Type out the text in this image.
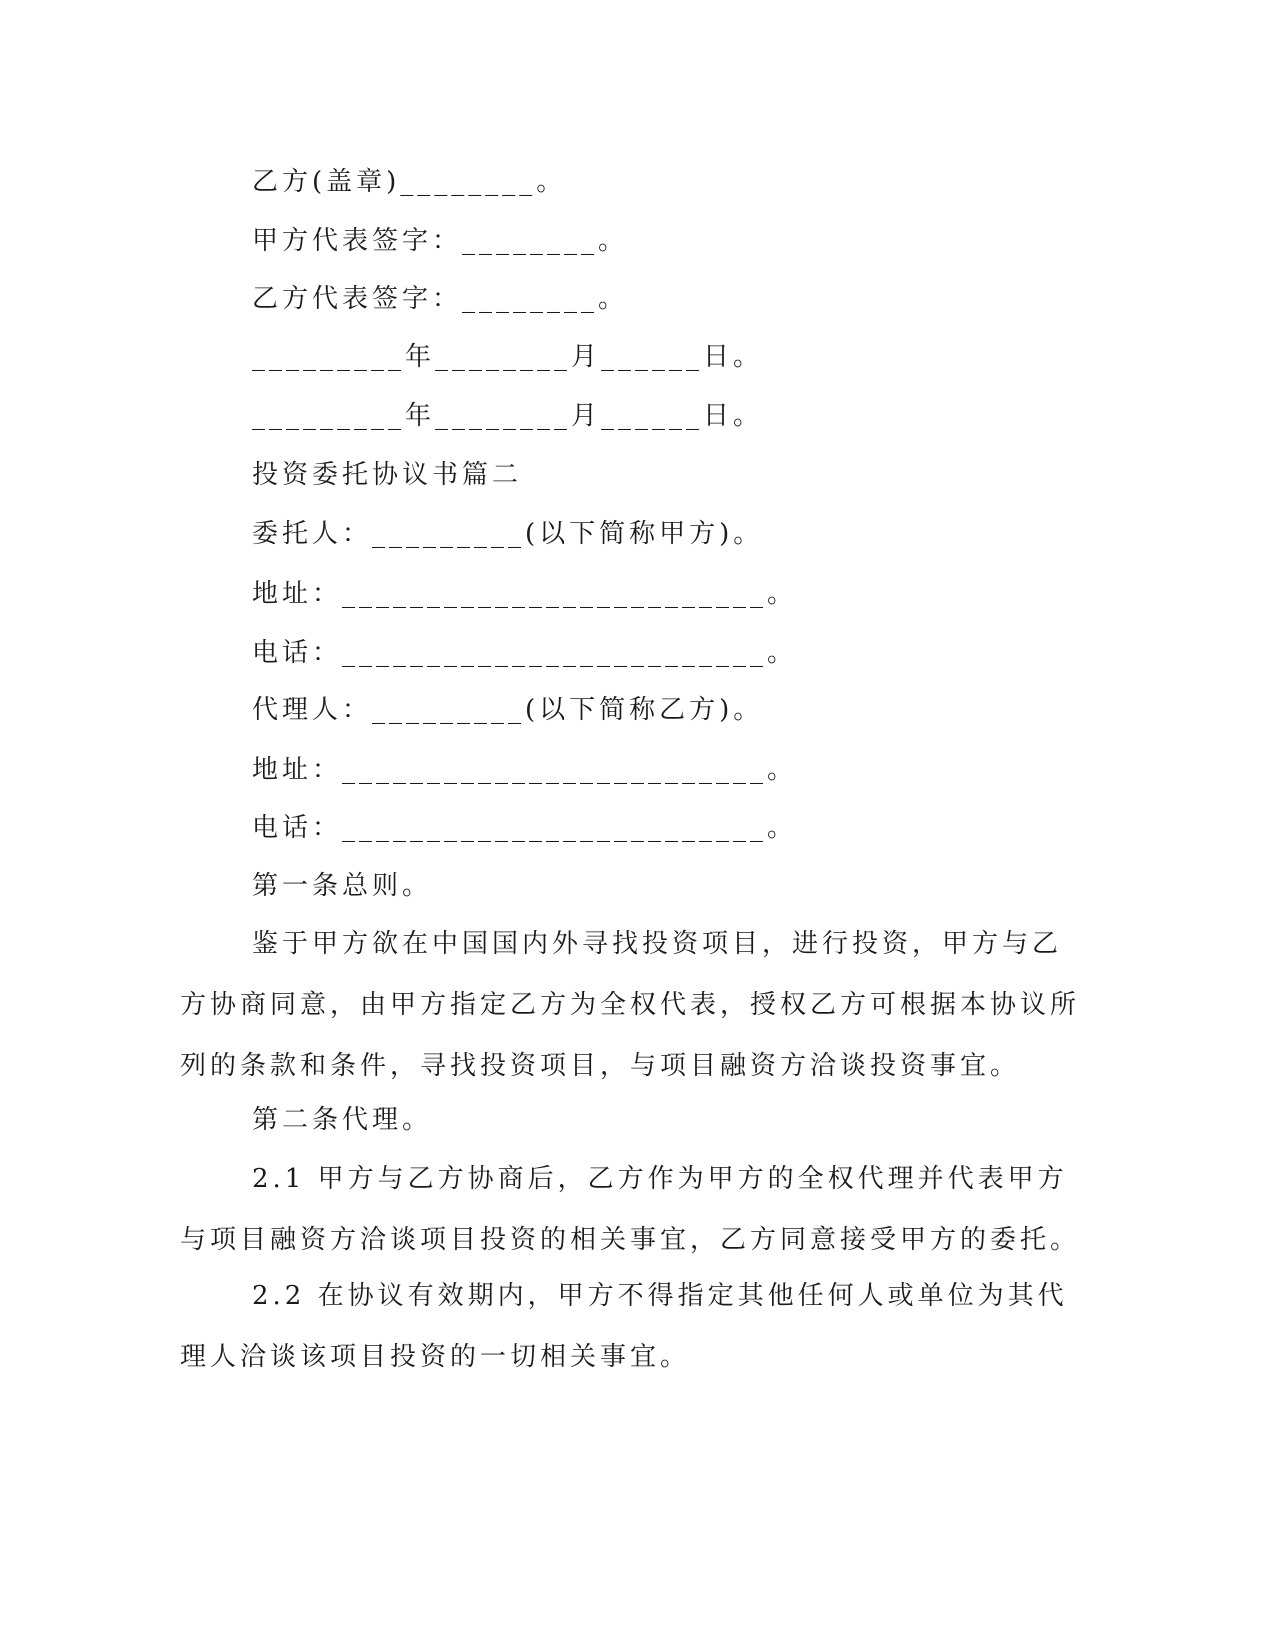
乙方(盖章)________。
甲方代表签字：________。
乙方代表签字：________。
_________年________月______日。
_________年________月______日。
投资委托协议书篇二
委托人：_________(以下简称甲方)。
地址：_________________________。
电话：_________________________。
代理人：_________(以下简称乙方)。
地址：_________________________。
电话：_________________________。
第一条总则。
鉴于甲方欲在中国国内外寻找投资项目，进行投资，甲方与乙方协商同意，由甲方指定乙方为全权代表，授权乙方可根据本协议所列的条款和条件，寻找投资项目，与项目融资方洽谈投资事宜。
第二条代理。
2.1 甲方与乙方协商后，乙方作为甲方的全权代理并代表甲方与项目融资方洽谈项目投资的相关事宜，乙方同意接受甲方的委托。
2.2 在协议有效期内，甲方不得指定其他任何人或单位为其代理人洽谈该项目投资的一切相关事宜。
